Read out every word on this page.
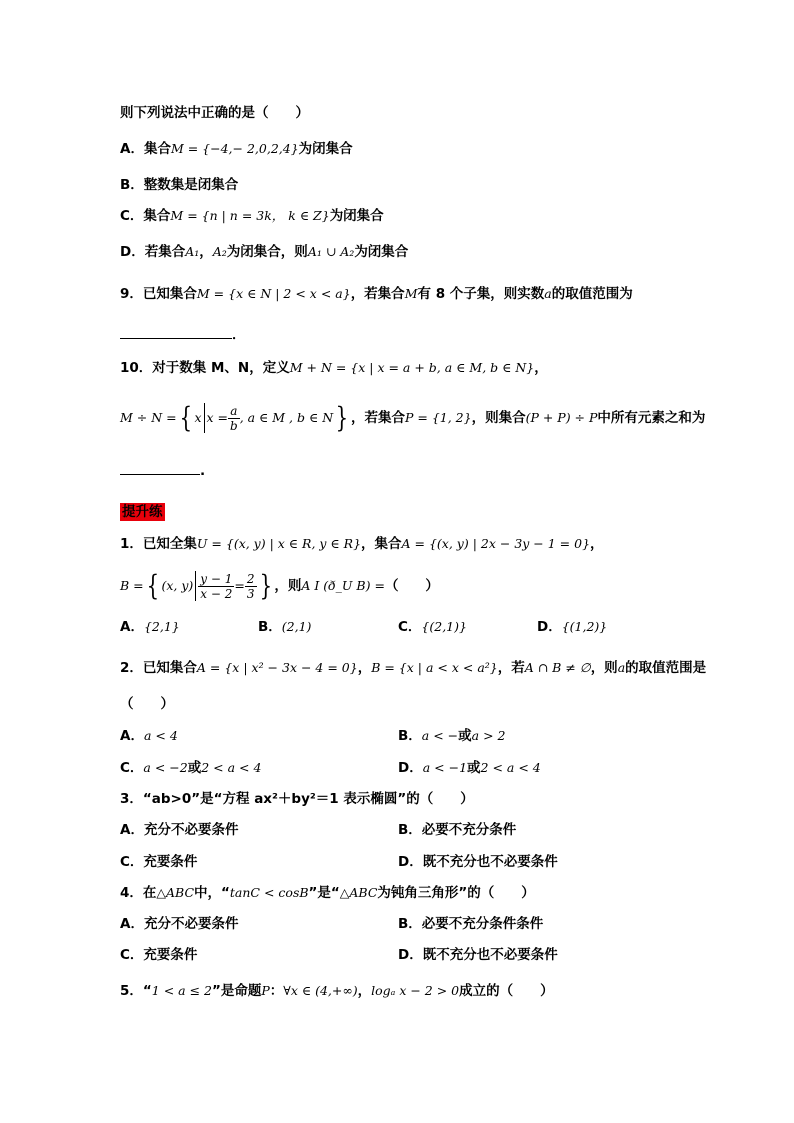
则下列说法中正确的是（　　）
A．集合M = {−4,− 2,0,2,4}为闭集合
B．整数集是闭集合
C．集合M = {n | n = 3k， k ∈ Z}为闭集合
D．若集合A₁，A₂为闭集合，则A₁ ∪ A₂为闭集合
9．已知集合M = {x ∈ N | 2 < x < a}，若集合M有 8 个子集，则实数a的取值范围为
．
10．对于数集 M、N，定义M + N = {x | x = a + b, a ∈ M, b ∈ N}，
M ÷ N ={ x $x = \frac{a}{b}$ , a ∈ M , b ∈ N} ，若集合P = {1, 2}，则集合(P + P) ÷ P中所有元素之和为
.
提升练
1．已知全集U = {(x, y) | x ∈ R, y ∈ R}，集合A = {(x, y) | 2x − 3y − 1 = 0}，
B ={ (x, $y) \frac{y - 1}{x - 2} = \frac{2}{3}$ } ，则A I (ð_U B) =（　　）
A．{2,1}	B．(2,1)	C．{(2,1)}	D．{(1,2)}
2．已知集合A = {x | x² − 3x − 4 = 0}，B = {x | a < x < a²}，若A ∩ B ≠ ∅，则a的取值范围是
（　　）
A．a < 4	B．a < −或a > 2
C．a < −2或2 < a < 4	D．a < −1或2 < a < 4
3．“ab>0”是“方程 ax²＋by²＝1 表示椭圆”的（　　）
A．充分不必要条件	B．必要不充分条件
C．充要条件	D．既不充分也不必要条件
4．在△ABC中，“tanC < cosB”是“△ABC为钝角三角形”的（　　）
A．充分不必要条件	B．必要不充分条件条件
C．充要条件	D．既不充分也不必要条件
5．“1 < a ≤ 2”是命题P：∀x ∈ (4,+∞)，logₐ x − 2 > 0成立的（　　）
